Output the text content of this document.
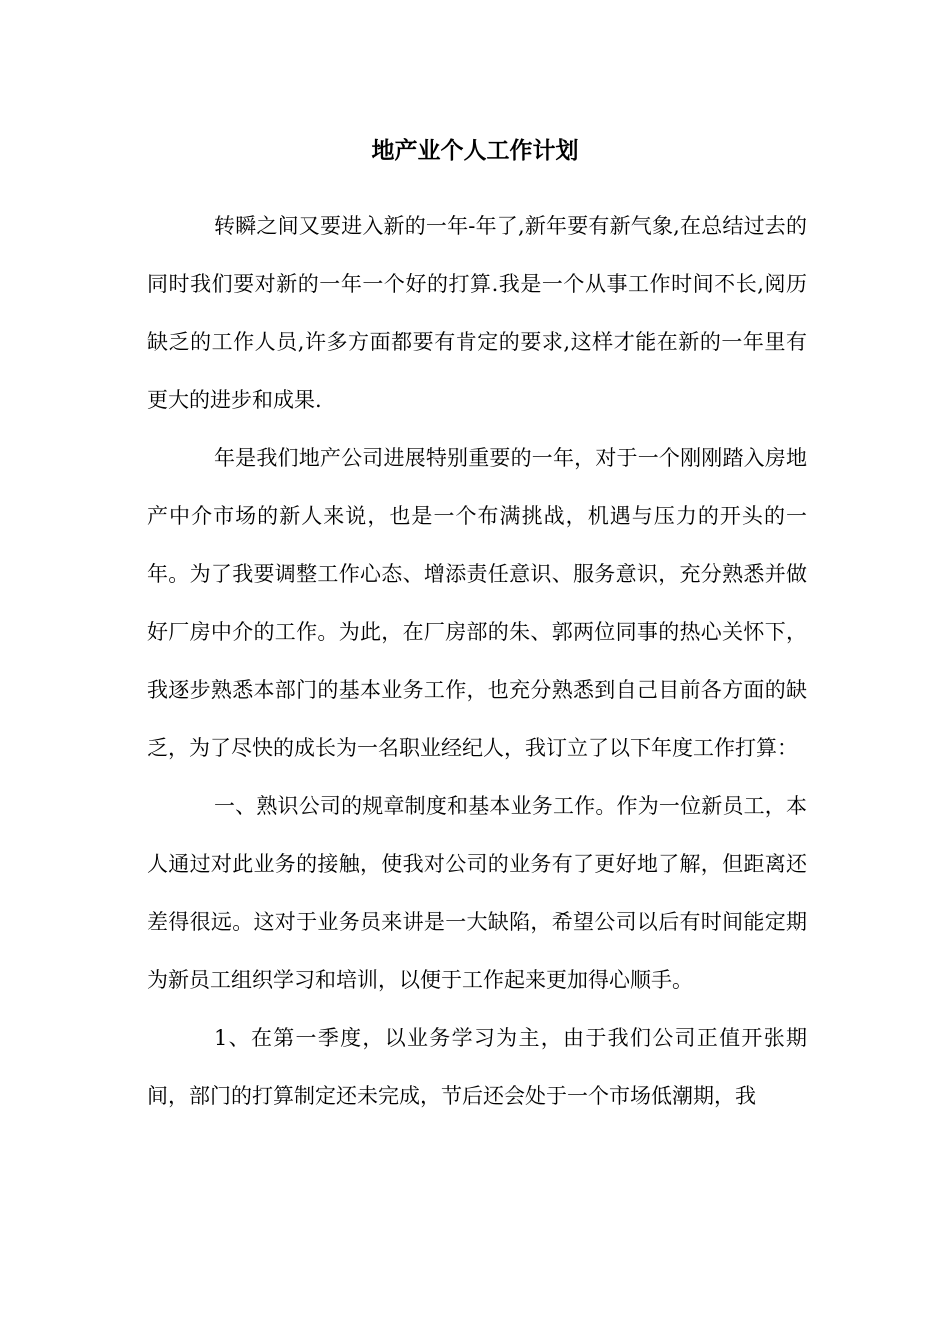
地产业个人工作计划

转瞬之间又要进入新的一年-年了,新年要有新气象,在总结过去的同时我们要对新的一年一个好的打算.我是一个从事工作时间不长,阅历缺乏的工作人员,许多方面都要有肯定的要求,这样才能在新的一年里有更大的进步和成果.

年是我们地产公司进展特别重要的一年，对于一个刚刚踏入房地产中介市场的新人来说，也是一个布满挑战，机遇与压力的开头的一年。为了我要调整工作心态、增添责任意识、服务意识，充分熟悉并做好厂房中介的工作。为此，在厂房部的朱、郭两位同事的热心关怀下，我逐步熟悉本部门的基本业务工作，也充分熟悉到自己目前各方面的缺乏，为了尽快的成长为一名职业经纪人，我订立了以下年度工作打算：

一、熟识公司的规章制度和基本业务工作。作为一位新员工，本人通过对此业务的接触，使我对公司的业务有了更好地了解，但距离还差得很远。这对于业务员来讲是一大缺陷，希望公司以后有时间能定期为新员工组织学习和培训，以便于工作起来更加得心顺手。

1、在第一季度，以业务学习为主，由于我们公司正值开张期间，部门的打算制定还未完成，节后还会处于一个市场低潮期，我
